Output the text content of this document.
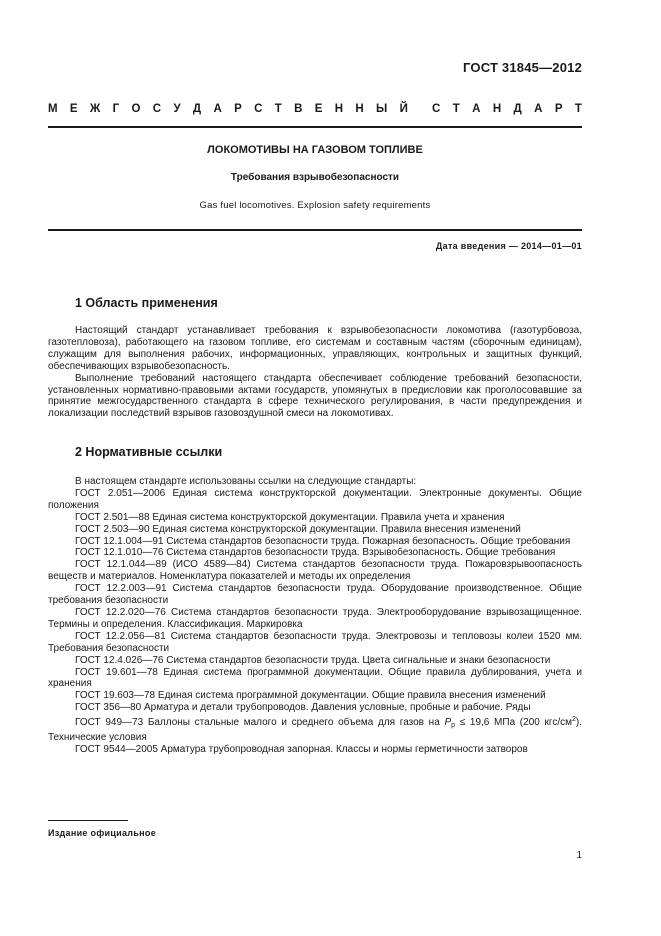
ГОСТ 31845—2012
М Е Ж Г О С У Д А Р С Т В Е Н Н Ы Й С Т А Н Д А Р Т
ЛОКОМОТИВЫ НА ГАЗОВОМ ТОПЛИВЕ
Требования взрывобезопасности
Gas fuel locomotives. Explosion safety requirements
Дата введения — 2014—01—01
1 Область применения

Настоящий стандарт устанавливает требования к взрывобезопасности локомотива (газотурбовоза, газотепловоза), работающего на газовом топливе, его системам и составным частям (сборочным единицам), служащим для выполнения рабочих, информационных, управляющих, контрольных и защитных функций, обеспечивающих взрывобезопасность.

Выполнение требований настоящего стандарта обеспечивает соблюдение требований безопасности, установленных нормативно-правовыми актами государств, упомянутых в предисловии как проголосовавшие за принятие межгосударственного стандарта в сфере технического регулирования, в части предупреждения и локализации последствий взрывов газовоздушной смеси на локомотивах.

2 Нормативные ссылки

В настоящем стандарте использованы ссылки на следующие стандарты:

ГОСТ 2.051—2006 Единая система конструкторской документации. Электронные документы. Общие положения

ГОСТ 2.501—88 Единая система конструкторской документации. Правила учета и хранения

ГОСТ 2.503—90 Единая система конструкторской документации. Правила внесения изменений

ГОСТ 12.1.004—91 Система стандартов безопасности труда. Пожарная безопасность. Общие требования

ГОСТ 12.1.010—76 Система стандартов безопасности труда. Взрывобезопасность. Общие требования

ГОСТ 12.1.044—89 (ИСО 4589—84) Система стандартов безопасности труда. Пожаровзрывоопасность веществ и материалов. Номенклатура показателей и методы их определения

ГОСТ 12.2.003—91 Система стандартов безопасности труда. Оборудование производственное. Общие требования безопасности

ГОСТ 12.2.020—76 Система стандартов безопасности труда. Электрооборудование взрывозащищенное. Термины и определения. Классификация. Маркировка

ГОСТ 12.2.056—81 Система стандартов безопасности труда. Электровозы и тепловозы колеи 1520 мм. Требования безопасности

ГОСТ 12.4.026—76 Система стандартов безопасности труда. Цвета сигнальные и знаки безопасности

ГОСТ 19.601—78 Единая система программной документации. Общие правила дублирования, учета и хранения

ГОСТ 19.603—78 Единая система программной документации. Общие правила внесения изменений

ГОСТ 356—80 Арматура и детали трубопроводов. Давления условные, пробные и рабочие. Ряды

ГОСТ 949—73 Баллоны стальные малого и среднего объема для газов на $P_р \le 19,6$ МПа (200 кгс/$см^2$). Технические условия

ГОСТ 9544—2005 Арматура трубопроводная запорная. Классы и нормы герметичности затворов

Издание официальное
1
